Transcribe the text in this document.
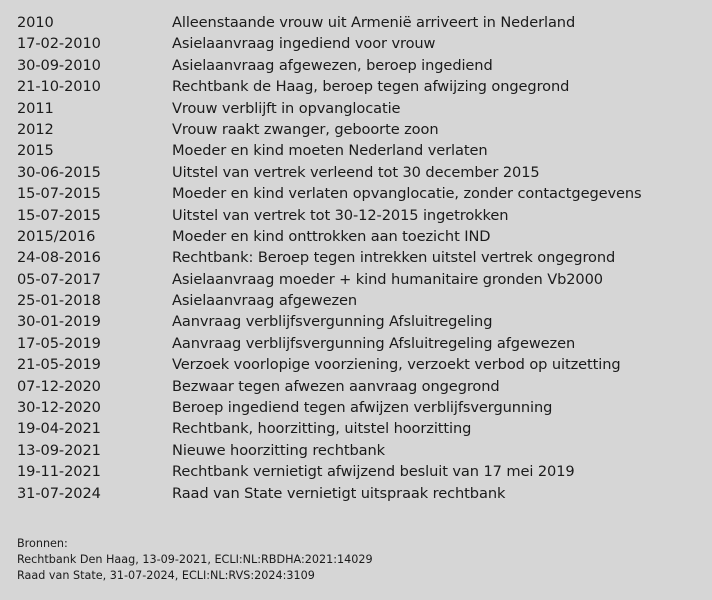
2010	Alleenstaande vrouw uit Armenië arriveert in Nederland
17-02-2010	Asielaanvraag ingediend voor vrouw
30-09-2010	Asielaanvraag afgewezen, beroep ingediend
21-10-2010	Rechtbank de Haag, beroep tegen afwijzing ongegrond
2011	Vrouw verblijft in opvanglocatie
2012	Vrouw raakt zwanger, geboorte zoon
2015	Moeder en kind moeten Nederland verlaten
30-06-2015	Uitstel van vertrek verleend tot 30 december 2015
15-07-2015	Moeder en kind verlaten opvanglocatie, zonder contactgegevens
15-07-2015	Uitstel van vertrek tot 30-12-2015 ingetrokken
2015/2016	Moeder en kind onttrokken aan toezicht IND
24-08-2016	Rechtbank: Beroep tegen intrekken uitstel vertrek ongegrond
05-07-2017	Asielaanvraag moeder + kind humanitaire gronden Vb2000
25-01-2018	Asielaanvraag afgewezen
30-01-2019	Aanvraag verblijfsvergunning Afsluitregeling
17-05-2019	Aanvraag verblijfsvergunning Afsluitregeling afgewezen
21-05-2019	Verzoek voorlopige voorziening, verzoekt verbod op uitzetting
07-12-2020	Bezwaar tegen afwezen aanvraag ongegrond
30-12-2020	Beroep ingediend tegen afwijzen verblijfsvergunning
19-04-2021	Rechtbank, hoorzitting, uitstel hoorzitting
13-09-2021	Nieuwe hoorzitting rechtbank
19-11-2021	Rechtbank vernietigt afwijzend besluit van 17 mei 2019
31-07-2024	Raad van State vernietigt uitspraak rechtbank
Bronnen:
Rechtbank Den Haag, 13-09-2021, ECLI:NL:RBDHA:2021:14029
Raad van State, 31-07-2024, ECLI:NL:RVS:2024:3109
